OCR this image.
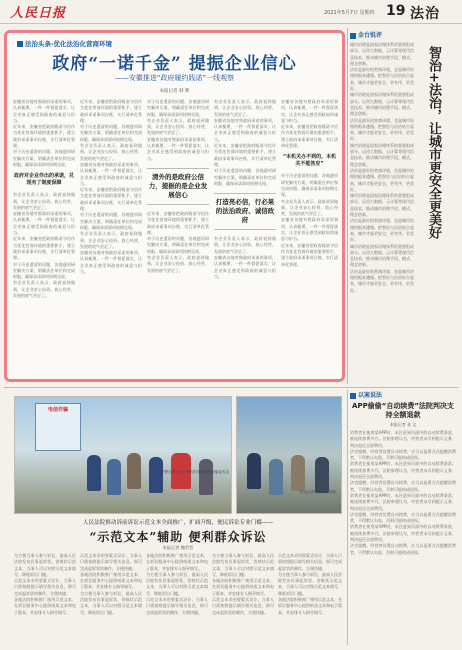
人民日报	2021年5月7日 星期四 19 法治
法治头条·优化法治化营商环境
政府“一诺千金” 提振企业信心
——安徽推进“政府履约践诺”一线观察
本报记者 韩 晔

安徽省各地对照政府承诺的事项，认真梳理，一件一件督促落实，让企业真正感受到政府的诚意与担当。

近年来，安徽省把政府践诺守信作为优化营商环境的重要抓手，建立政府承诺事项台账，实行清单化管理。

对于历史遗留的问题，各地逐项研究解决方案，明确责任单位和完成时限，确保承诺事项按期兑现。

政府对企业作出的承诺，兑现有了制度保障

有企业负责人表示，政府说到做到，让企业安心投资、放心经营，发展的底气更足了。

安徽省各地对照政府承诺的事项，认真梳理，一件一件督促落实，让企业真正感受到政府的诚意与担当。

近年来，安徽省把政府践诺守信作为优化营商环境的重要抓手，建立政府承诺事项台账，实行清单化管理。

对于历史遗留的问题，各地逐项研究解决方案，明确责任单位和完成时限，确保承诺事项按期兑现。

有企业负责人表示，政府说到做到，让企业安心投资、放心经营，发展的底气更足了。

近年来，安徽省把政府践诺守信作为优化营商环境的重要抓手，建立政府承诺事项台账，实行清单化管理。

对于历史遗留的问题，各地逐项研究解决方案，明确责任单位和完成时限，确保承诺事项按期兑现。

有企业负责人表示，政府说到做到，让企业安心投资、放心经营，发展的底气更足了。

安徽省各地对照政府承诺的事项，认真梳理，一件一件督促落实，让企业真正感受到政府的诚意与担当。

近年来，安徽省把政府践诺守信作为优化营商环境的重要抓手，建立政府承诺事项台账，实行清单化管理。

对于历史遗留的问题，各地逐项研究解决方案，明确责任单位和完成时限，确保承诺事项按期兑现。

有企业负责人表示，政府说到做到，让企业安心投资、放心经营，发展的底气更足了。

安徽省各地对照政府承诺的事项，认真梳理，一件一件督促落实，让企业真正感受到政府的诚意与担当。

对于历史遗留的问题，各地逐项研究解决方案，明确责任单位和完成时限，确保承诺事项按期兑现。

有企业负责人表示，政府说到做到，让企业安心投资、放心经营，发展的底气更足了。

安徽省各地对照政府承诺的事项，认真梳理，一件一件督促落实，让企业真正感受到政府的诚意与担当。

清外的是政府公信力，提振的是企业发展信心

近年来，安徽省把政府践诺守信作为优化营商环境的重要抓手，建立政府承诺事项台账，实行清单化管理。

对于历史遗留的问题，各地逐项研究解决方案，明确责任单位和完成时限，确保承诺事项按期兑现。

有企业负责人表示，政府说到做到，让企业安心投资、放心经营，发展的底气更足了。

有企业负责人表示，政府说到做到，让企业安心投资、放心经营，发展的底气更足了。

安徽省各地对照政府承诺的事项，认真梳理，一件一件督促落实，让企业真正感受到政府的诚意与担当。

近年来，安徽省把政府践诺守信作为优化营商环境的重要抓手，建立政府承诺事项台账，实行清单化管理。

对于历史遗留的问题，各地逐项研究解决方案，明确责任单位和完成时限，确保承诺事项按期兑现。

打造亮必信，行必果的法治政府、诚信政府

有企业负责人表示，政府说到做到，让企业安心投资、放心经营，发展的底气更足了。

安徽省各地对照政府承诺的事项，认真梳理，一件一件督促落实，让企业真正感受到政府的诚意与担当。

安徽省各地对照政府承诺的事项，认真梳理，一件一件督促落实，让企业真正感受到政府的诚意与担当。

近年来，安徽省把政府践诺守信作为优化营商环境的重要抓手，建立政府承诺事项台账，实行清单化管理。

“本机关办不到的，本机关不能答应”

对于历史遗留的问题，各地逐项研究解决方案，明确责任单位和完成时限，确保承诺事项按期兑现。

有企业负责人表示，政府说到做到，让企业安心投资、放心经营，发展的底气更足了。

安徽省各地对照政府承诺的事项，认真梳理，一件一件督促落实，让企业真正感受到政府的诚意与担当。

近年来，安徽省把政府践诺守信作为优化营商环境的重要抓手，建立政府承诺事项台账，实行清单化管理。

金台锐评

城市治理是国家治理体系的重要组成部分。运用大数据、云计算等现代信息技术，推动城市治理手段、模式、理念创新。

法治是最好的营商环境，也是城市治理的根本遵循。把智治与法治结合起来，城市才能更安全、更有序、更美好。

城市治理是国家治理体系的重要组成部分。运用大数据、云计算等现代信息技术，推动城市治理手段、模式、理念创新。

法治是最好的营商环境，也是城市治理的根本遵循。把智治与法治结合起来，城市才能更安全、更有序、更美好。

城市治理是国家治理体系的重要组成部分。运用大数据、云计算等现代信息技术，推动城市治理手段、模式、理念创新。

法治是最好的营商环境，也是城市治理的根本遵循。把智治与法治结合起来，城市才能更安全、更有序、更美好。

城市治理是国家治理体系的重要组成部分。运用大数据、云计算等现代信息技术，推动城市治理手段、模式、理念创新。

法治是最好的营商环境，也是城市治理的根本遵循。把智治与法治结合起来，城市才能更安全、更有序、更美好。

城市治理是国家治理体系的重要组成部分。运用大数据、云计算等现代信息技术，推动城市治理手段、模式、理念创新。

法治是最好的营商环境，也是城市治理的根本遵循。把智治与法治结合起来，城市才能更安全、更有序、更美好。

智治+法治，让城市更安全更美好
电信诈骗
近日，民警走进社区开展防范电信网络诈骗宣传活动。
群众认真听取法官讲解。
人民法院推动诉前诉讼示范文本全面推广，扩面升级，便民诉讼专业门槛——
“示范文本”辅助 便利群众诉讼
本报记者 魏哲哲

为方便当事人参与诉讼，最高人民法院发布民事起诉状、答辩状示范文本，当事人可以对照示范文本填写，降低诉讼门槛。

示范文本采用要素式设计，当事人只需按照提示填写相关信息，即可完成起诉状的制作，方便快捷。

各地法院积极推广使用示范文本，在诉讼服务中心提供纸质文本和电子版本，并安排专人指导填写。

示范文本采用要素式设计，当事人只需按照提示填写相关信息，即可完成起诉状的制作，方便快捷。

各地法院积极推广使用示范文本，在诉讼服务中心提供纸质文本和电子版本，并安排专人指导填写。

为方便当事人参与诉讼，最高人民法院发布民事起诉状、答辩状示范文本，当事人可以对照示范文本填写，降低诉讼门槛。

各地法院积极推广使用示范文本，在诉讼服务中心提供纸质文本和电子版本，并安排专人指导填写。

为方便当事人参与诉讼，最高人民法院发布民事起诉状、答辩状示范文本，当事人可以对照示范文本填写，降低诉讼门槛。

示范文本采用要素式设计，当事人只需按照提示填写相关信息，即可完成起诉状的制作，方便快捷。

为方便当事人参与诉讼，最高人民法院发布民事起诉状、答辩状示范文本，当事人可以对照示范文本填写，降低诉讼门槛。

各地法院积极推广使用示范文本，在诉讼服务中心提供纸质文本和电子版本，并安排专人指导填写。

示范文本采用要素式设计，当事人只需按照提示填写相关信息，即可完成起诉状的制作，方便快捷。

示范文本采用要素式设计，当事人只需按照提示填写相关信息，即可完成起诉状的制作，方便快捷。

为方便当事人参与诉讼，最高人民法院发布民事起诉状、答辩状示范文本，当事人可以对照示范文本填写，降低诉讼门槛。

各地法院积极推广使用示范文本，在诉讼服务中心提供纸质文本和电子版本，并安排专人指导填写。

以案说法
APP偷偷“自动续费”法院判决支持全额退款
本报记者 张 文

消费者在使用某APP时，未注意到页面中的自动续费条款，被连续扣费多月。法院审理认为，经营者未尽到提示义务，判决退还全部费用。

法官提醒，经营者设置自动续费，应当以显著方式提醒消费者，不得默认勾选，否则可能构成侵权。

消费者在使用某APP时，未注意到页面中的自动续费条款，被连续扣费多月。法院审理认为，经营者未尽到提示义务，判决退还全部费用。

法官提醒，经营者设置自动续费，应当以显著方式提醒消费者，不得默认勾选，否则可能构成侵权。

消费者在使用某APP时，未注意到页面中的自动续费条款，被连续扣费多月。法院审理认为，经营者未尽到提示义务，判决退还全部费用。

法官提醒，经营者设置自动续费，应当以显著方式提醒消费者，不得默认勾选，否则可能构成侵权。

消费者在使用某APP时，未注意到页面中的自动续费条款，被连续扣费多月。法院审理认为，经营者未尽到提示义务，判决退还全部费用。

法官提醒，经营者设置自动续费，应当以显著方式提醒消费者，不得默认勾选，否则可能构成侵权。
